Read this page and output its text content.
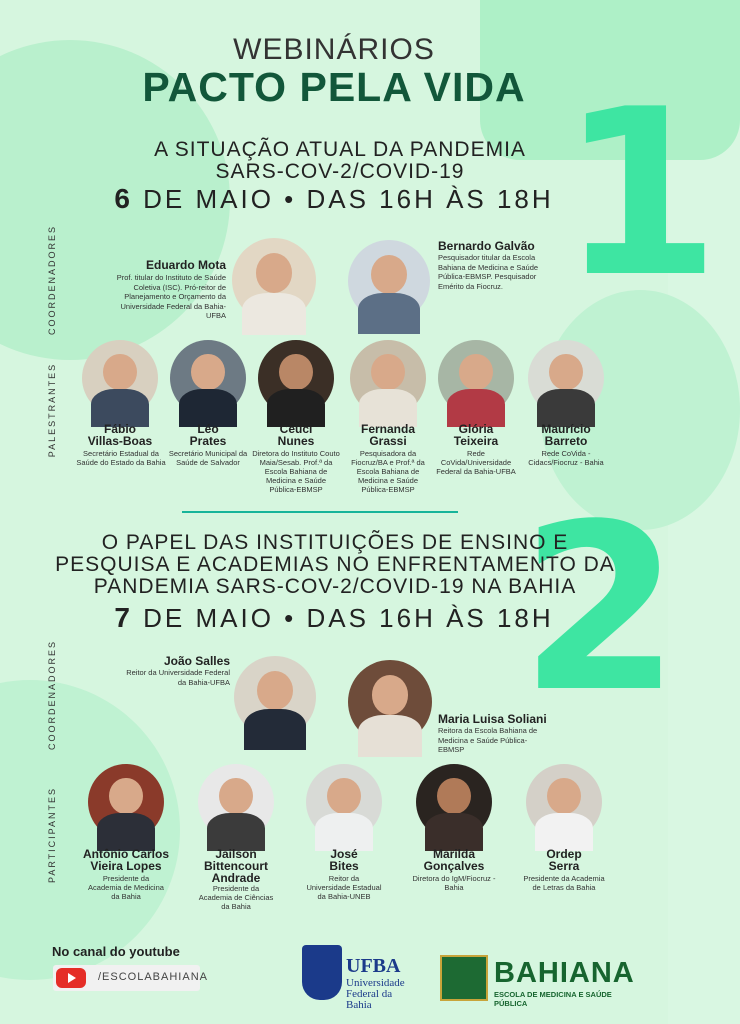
WEBINÁRIOS
PACTO PELA VIDA 1
A SITUAÇÃO ATUAL DA PANDEMIA
SARS-COV-2/COVID-19
6 DE MAIO • DAS 16H ÀS 18H
COORDENADORES
PALESTRANTES
Eduardo Mota
Prof. titular do Instituto de Saúde Coletiva (ISC). Pró-reitor de Planejamento e Orçamento da Universidade Federal da Bahia-UFBA
Bernardo Galvão
Pesquisador titular da Escola Bahiana de Medicina e Saúde Pública-EBMSP. Pesquisador Emérito da Fiocruz.
Fábio
Villas-Boas
Secretário Estadual da Saúde do Estado da Bahia
Léo
Prates
Secretário Municipal da Saúde de Salvador
Ceuci
Nunes
Diretora do Instituto Couto Maia/Sesab. Prof.ª da Escola Bahiana de Medicina e Saúde Pública-EBMSP
Fernanda
Grassi
Pesquisadora da Fiocruz/BA e Prof.ª da Escola Bahiana de Medicina e Saúde Pública-EBMSP
Glória
Teixeira
Rede CoVida/Universidade Federal da Bahia-UFBA
Maurício
Barreto
Rede CoVida - Cidacs/Fiocruz - Bahia
2
O PAPEL DAS INSTITUIÇÕES DE ENSINO E
PESQUISA E ACADEMIAS NO ENFRENTAMENTO DA
PANDEMIA SARS-COV-2/COVID-19 NA BAHIA
7 DE MAIO • DAS 16H ÀS 18H
COORDENADORES
PARTICIPANTES
João Salles
Reitor da Universidade Federal da Bahia-UFBA
Maria Luisa Soliani
Reitora da Escola Bahiana de Medicina e Saúde Pública-EBMSP
Antônio Carlos
Vieira Lopes
Presidente da Academia de Medicina da Bahia
Jailson
Bittencourt Andrade
Presidente da Academia de Ciências da Bahia
José
Bites
Reitor da Universidade Estadual da Bahia-UNEB
Marilda
Gonçalves
Diretora do IgM/Fiocruz - Bahia
Ordep
Serra
Presidente da Academia de Letras da Bahia
No canal do youtube
/ESCOLABAHIANA	UFBA
Universidade
Federal da Bahia
BAHIANA
ESCOLA DE MEDICINA E SAÚDE PÚBLICA
